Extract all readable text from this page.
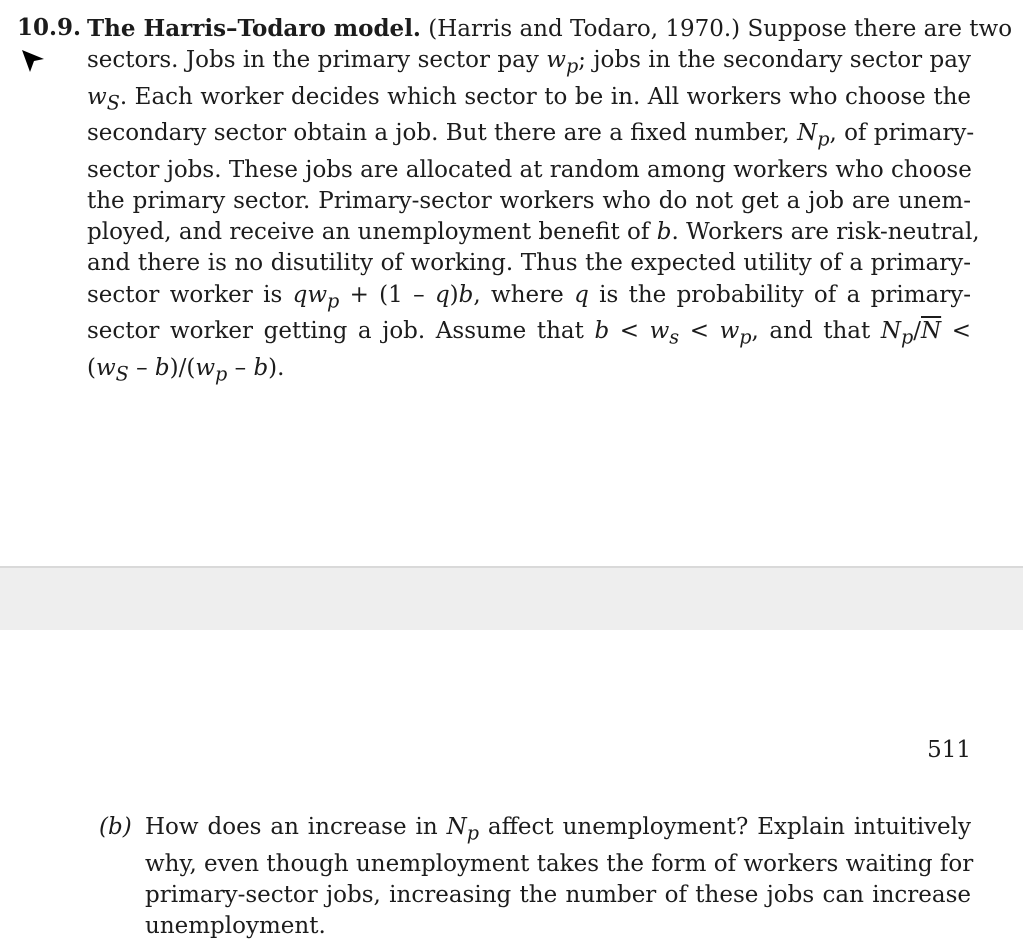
10.9. The Harris–Todaro model. (Harris and Todaro, 1970.) Suppose there are two
sectors. Jobs in the primary sector pay $w_p$; jobs in the secondary sector pay
$w_S$. Each worker decides which sector to be in. All workers who choose the
secondary sector obtain a job. But there are a fixed number, $N_p$, of primary-
sector jobs. These jobs are allocated at random among workers who choose
the primary sector. Primary-sector workers who do not get a job are unem-
ployed, and receive an unemployment benefit of b. Workers are risk-neutral,
and there is no disutility of working. Thus the expected utility of a primary-
sector worker is $qw_p + (1 - q)b$, where q is the probability of a primary-
sector worker getting a job. Assume that $b < w_s < w_p$, and that $N_p/\overline{N}$ <
$(w_S - b)/(w_p - b)$.
511
(b) How does an increase in $N_p$ affect unemployment? Explain intuitively
why, even though unemployment takes the form of workers waiting for
primary-sector jobs, increasing the number of these jobs can increase
unemployment.
